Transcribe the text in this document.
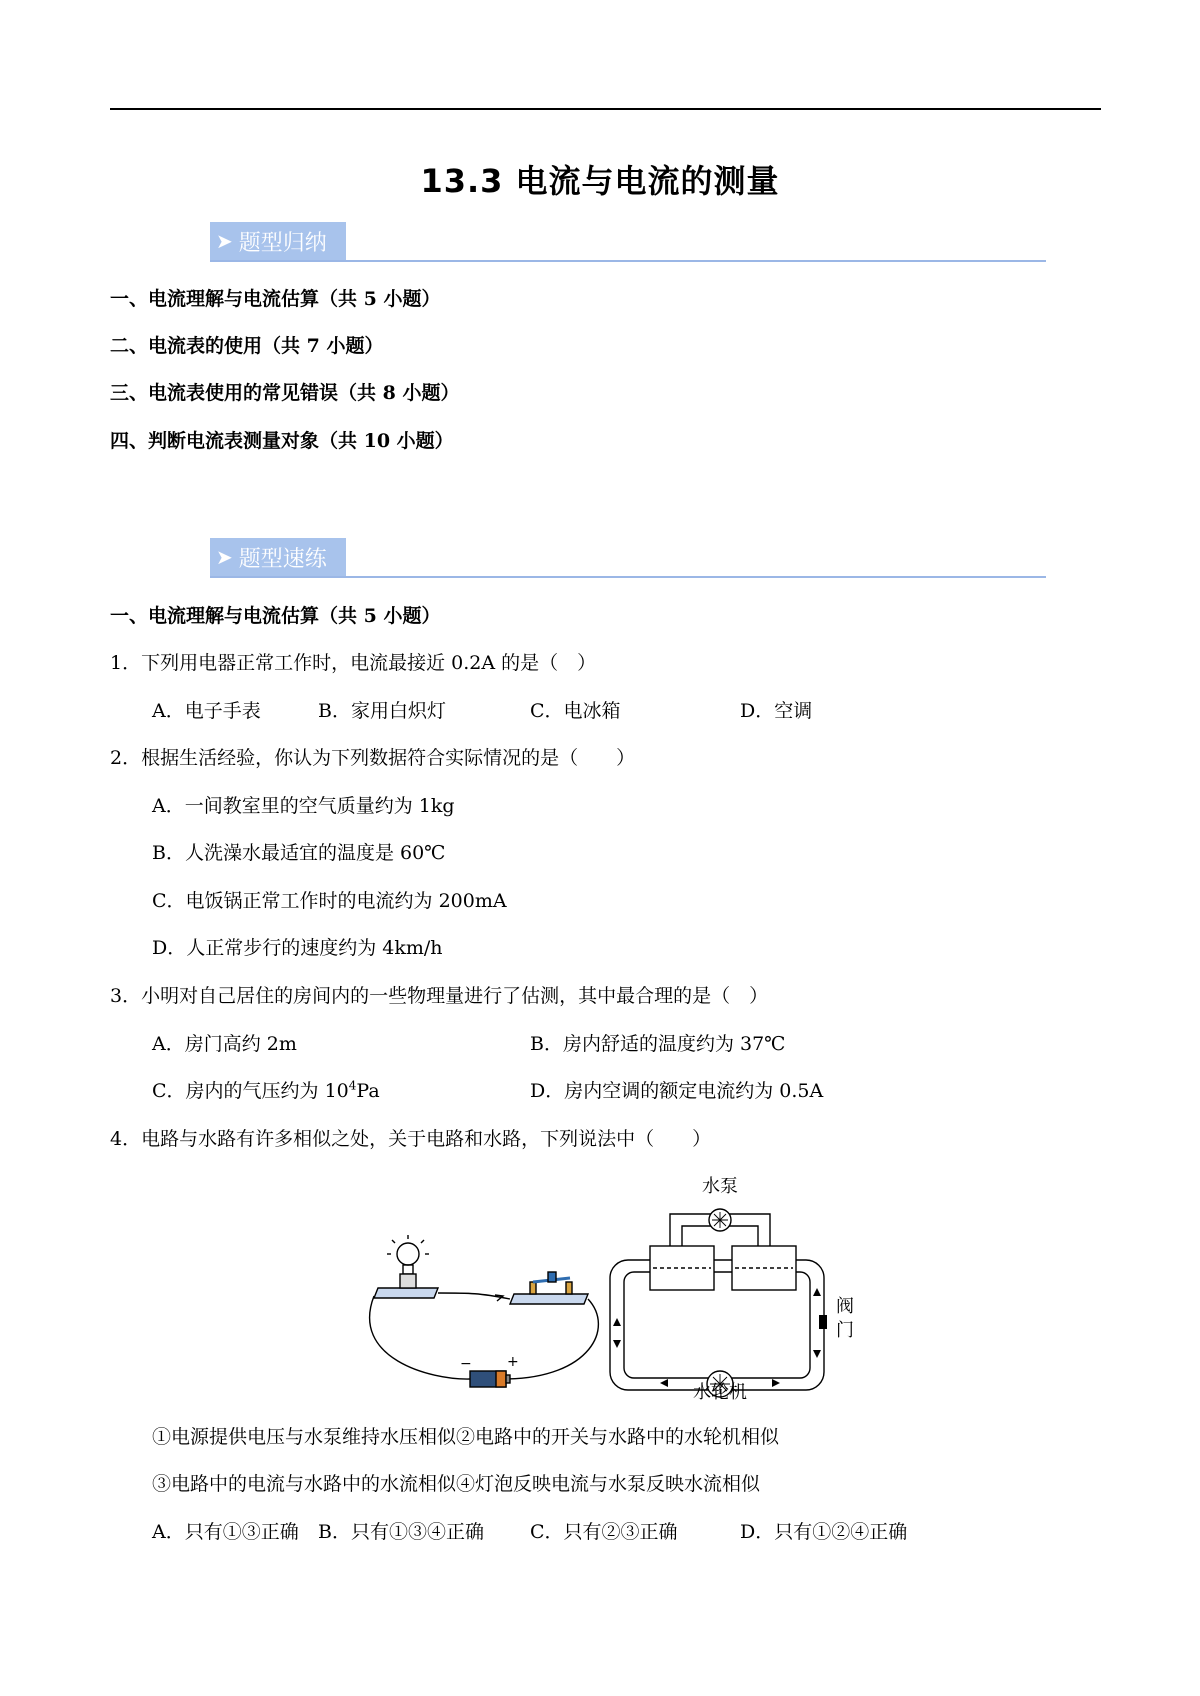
13.3 电流与电流的测量
➤ 题型归纳
一、电流理解与电流估算（共 5 小题）
二、电流表的使用（共 7 小题）
三、电流表使用的常见错误（共 8 小题）
四、判断电流表测量对象（共 10 小题）
➤ 题型速练
一、电流理解与电流估算（共 5 小题）
1．下列用电器正常工作时，电流最接近 0.2A 的是（　）
A．电子手表	B．家用白炽灯	C．电冰箱	D．空调
2．根据生活经验，你认为下列数据符合实际情况的是（　　）
A．一间教室里的空气质量约为 1kg
B．人洗澡水最适宜的温度是 60℃
C．电饭锅正常工作时的电流约为 200mA
D．人正常步行的速度约为 4km/h
3．小明对自己居住的房间内的一些物理量进行了估测，其中最合理的是（　）
A．房门高约 2m	B．房内舒适的温度约为 37℃
C．房内的气压约为 $10^4Pa$	D．房内空调的额定电流约为 0.5A
4．电路与水路有许多相似之处，关于电路和水路，下列说法中（　　）
−	+
水泵
阀
门
水轮机
①电源提供电压与水泵维持水压相似②电路中的开关与水路中的水轮机相似
③电路中的电流与水路中的水流相似④灯泡反映电流与水泵反映水流相似
A．只有①③正确 B．只有①③④正确 C．只有②③正确	D．只有①②④正确
